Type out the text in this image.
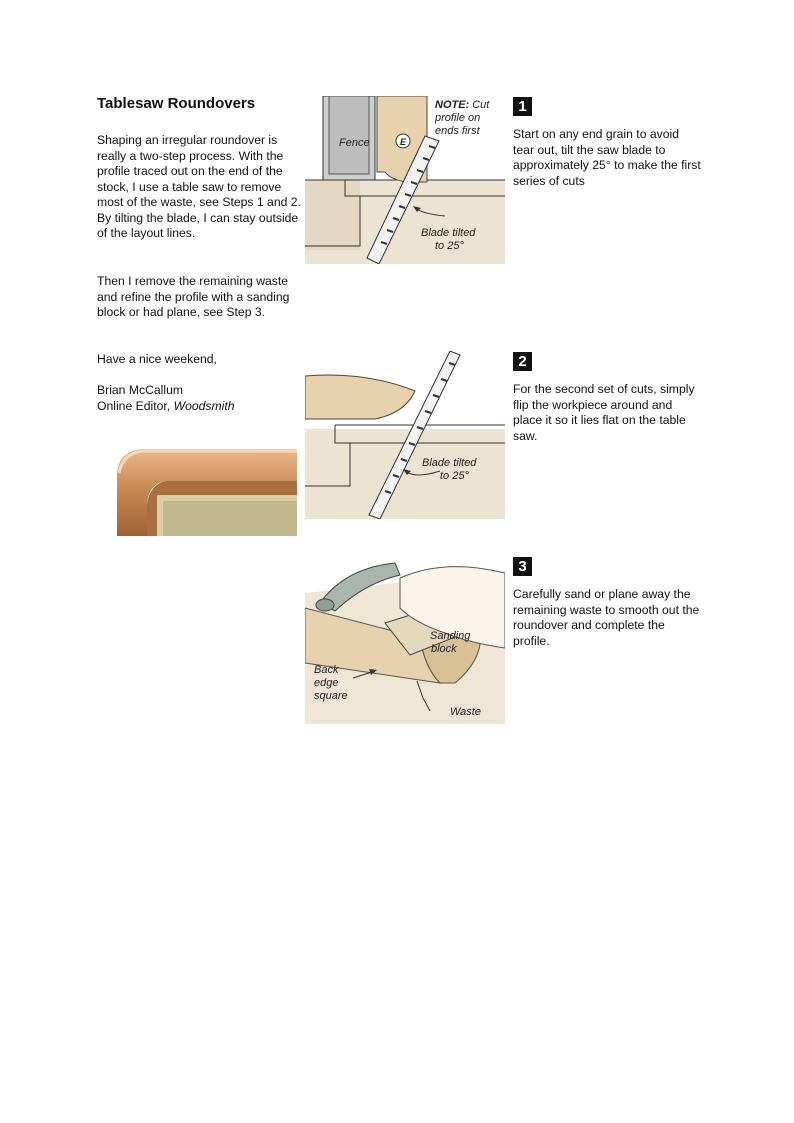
Tablesaw Roundovers

Shaping an irregular roundover is really a two-step process. With the profile traced out on the end of the stock, I use a table saw to remove most of the waste, see Steps 1 and 2. By tilting the blade, I can stay outside of the layout lines.

Then I remove the remaining waste and refine the profile with a sanding block or had plane, see Step 3.

Have a nice weekend,

Brian McCallum
Online Editor, Woodsmith
Fence	E
NOTE: Cut
profile on
ends first
Blade tilted
to 25°
1

Start on any end grain to avoid tear out, tilt the saw blade to approximately 25° to make the first series of cuts

Blade tilted
to 25°
2

For the second set of cuts, simply flip the workpiece around and place it so it lies flat on the table saw.

Sanding
block
Back
edge
square
Waste
3

Carefully sand or plane away the remaining waste to smooth out the roundover and complete the profile.
